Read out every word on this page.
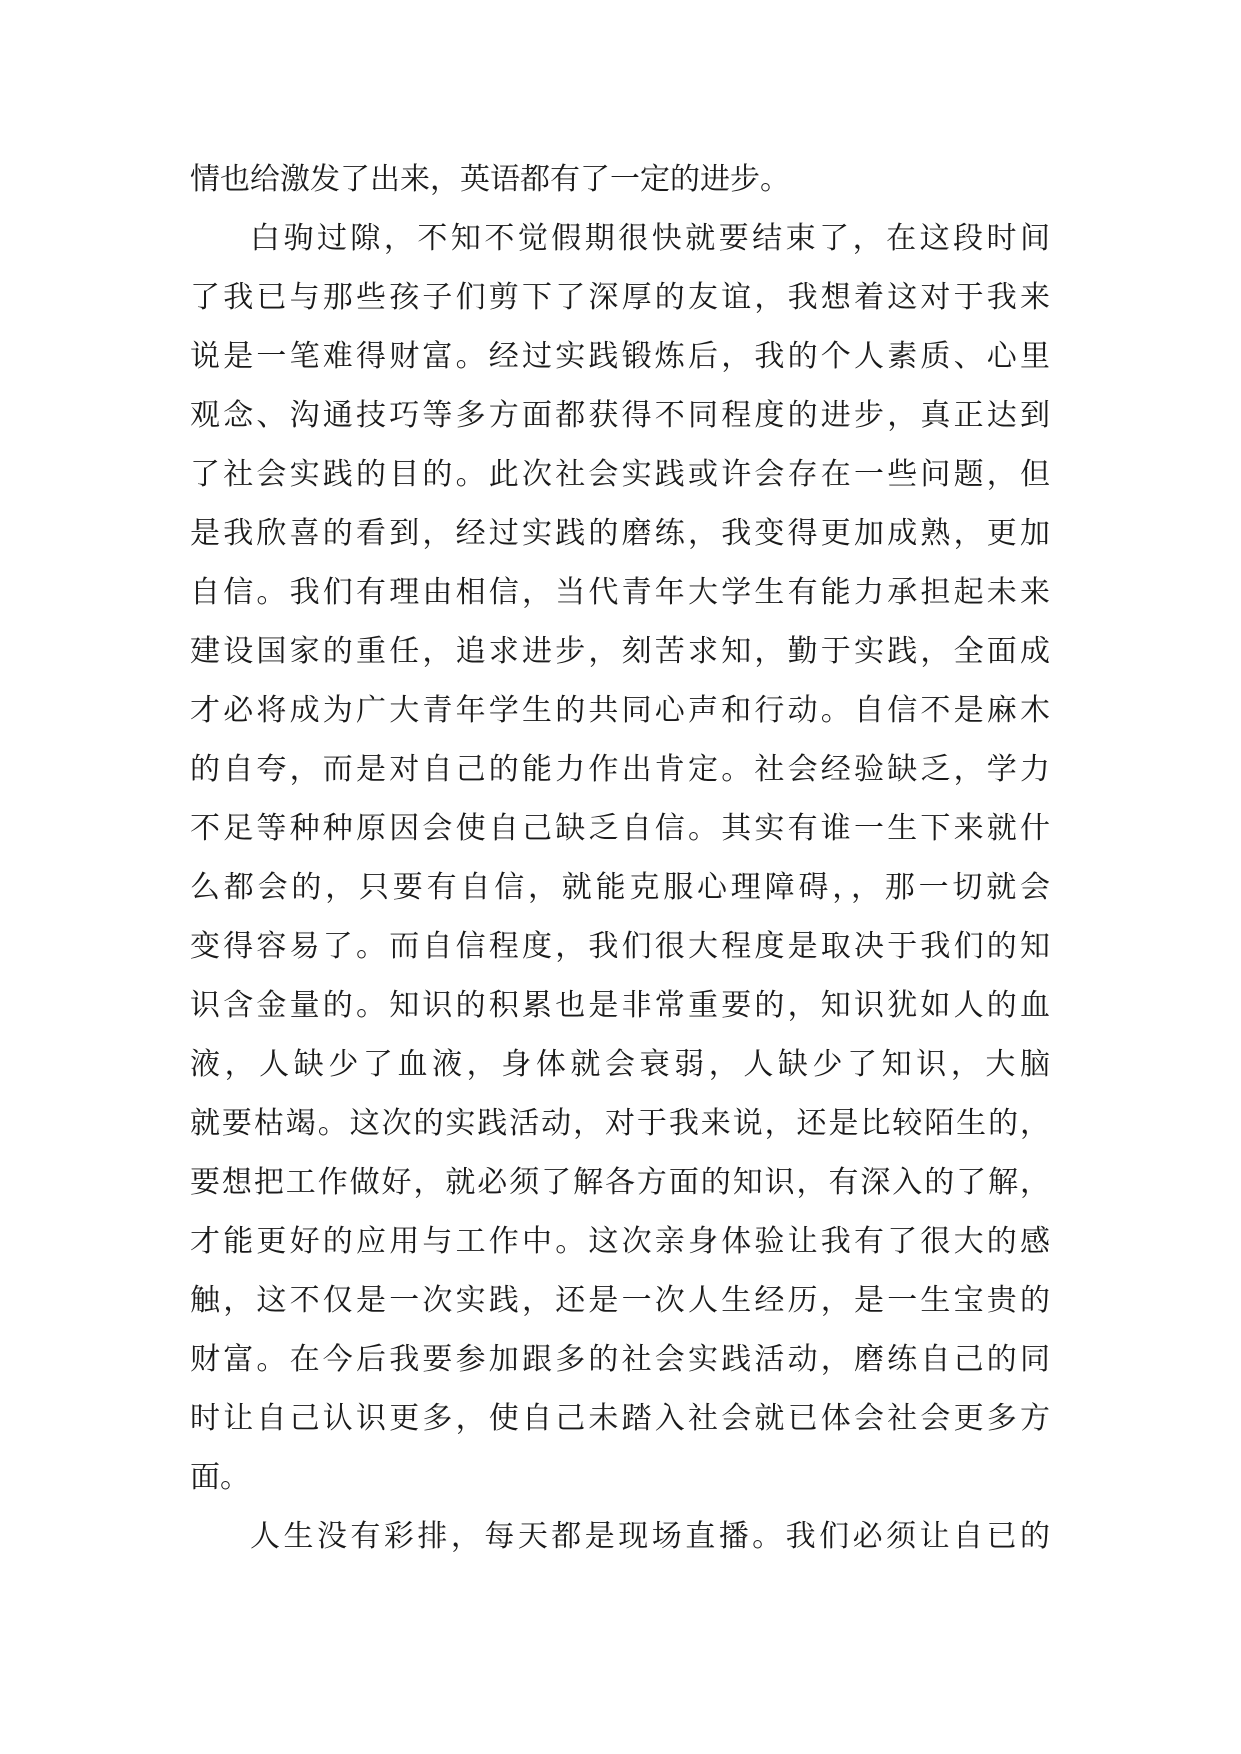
情也给激发了出来，英语都有了一定的进步。
白驹过隙，不知不觉假期很快就要结束了，在这段时间
了我已与那些孩子们剪下了深厚的友谊，我想着这对于我来
说是一笔难得财富。经过实践锻炼后，我的个人素质、心里
观念、沟通技巧等多方面都获得不同程度的进步，真正达到
了社会实践的目的。此次社会实践或许会存在一些问题，但
是我欣喜的看到，经过实践的磨练，我变得更加成熟，更加
自信。我们有理由相信，当代青年大学生有能力承担起未来
建设国家的重任，追求进步，刻苦求知，勤于实践，全面成
才必将成为广大青年学生的共同心声和行动。自信不是麻木
的自夸，而是对自己的能力作出肯定。社会经验缺乏，学力
不足等种种原因会使自己缺乏自信。其实有谁一生下来就什
么都会的，只要有自信，就能克服心理障碍，，那一切就会
变得容易了。而自信程度，我们很大程度是取决于我们的知
识含金量的。知识的积累也是非常重要的，知识犹如人的血
液，人缺少了血液，身体就会衰弱，人缺少了知识，大脑
就要枯竭。这次的实践活动，对于我来说，还是比较陌生的，
要想把工作做好，就必须了解各方面的知识，有深入的了解，
才能更好的应用与工作中。这次亲身体验让我有了很大的感
触，这不仅是一次实践，还是一次人生经历，是一生宝贵的
财富。在今后我要参加跟多的社会实践活动，磨练自己的同
时让自己认识更多，使自己未踏入社会就已体会社会更多方
面。
人生没有彩排，每天都是现场直播。我们必须让自已的
